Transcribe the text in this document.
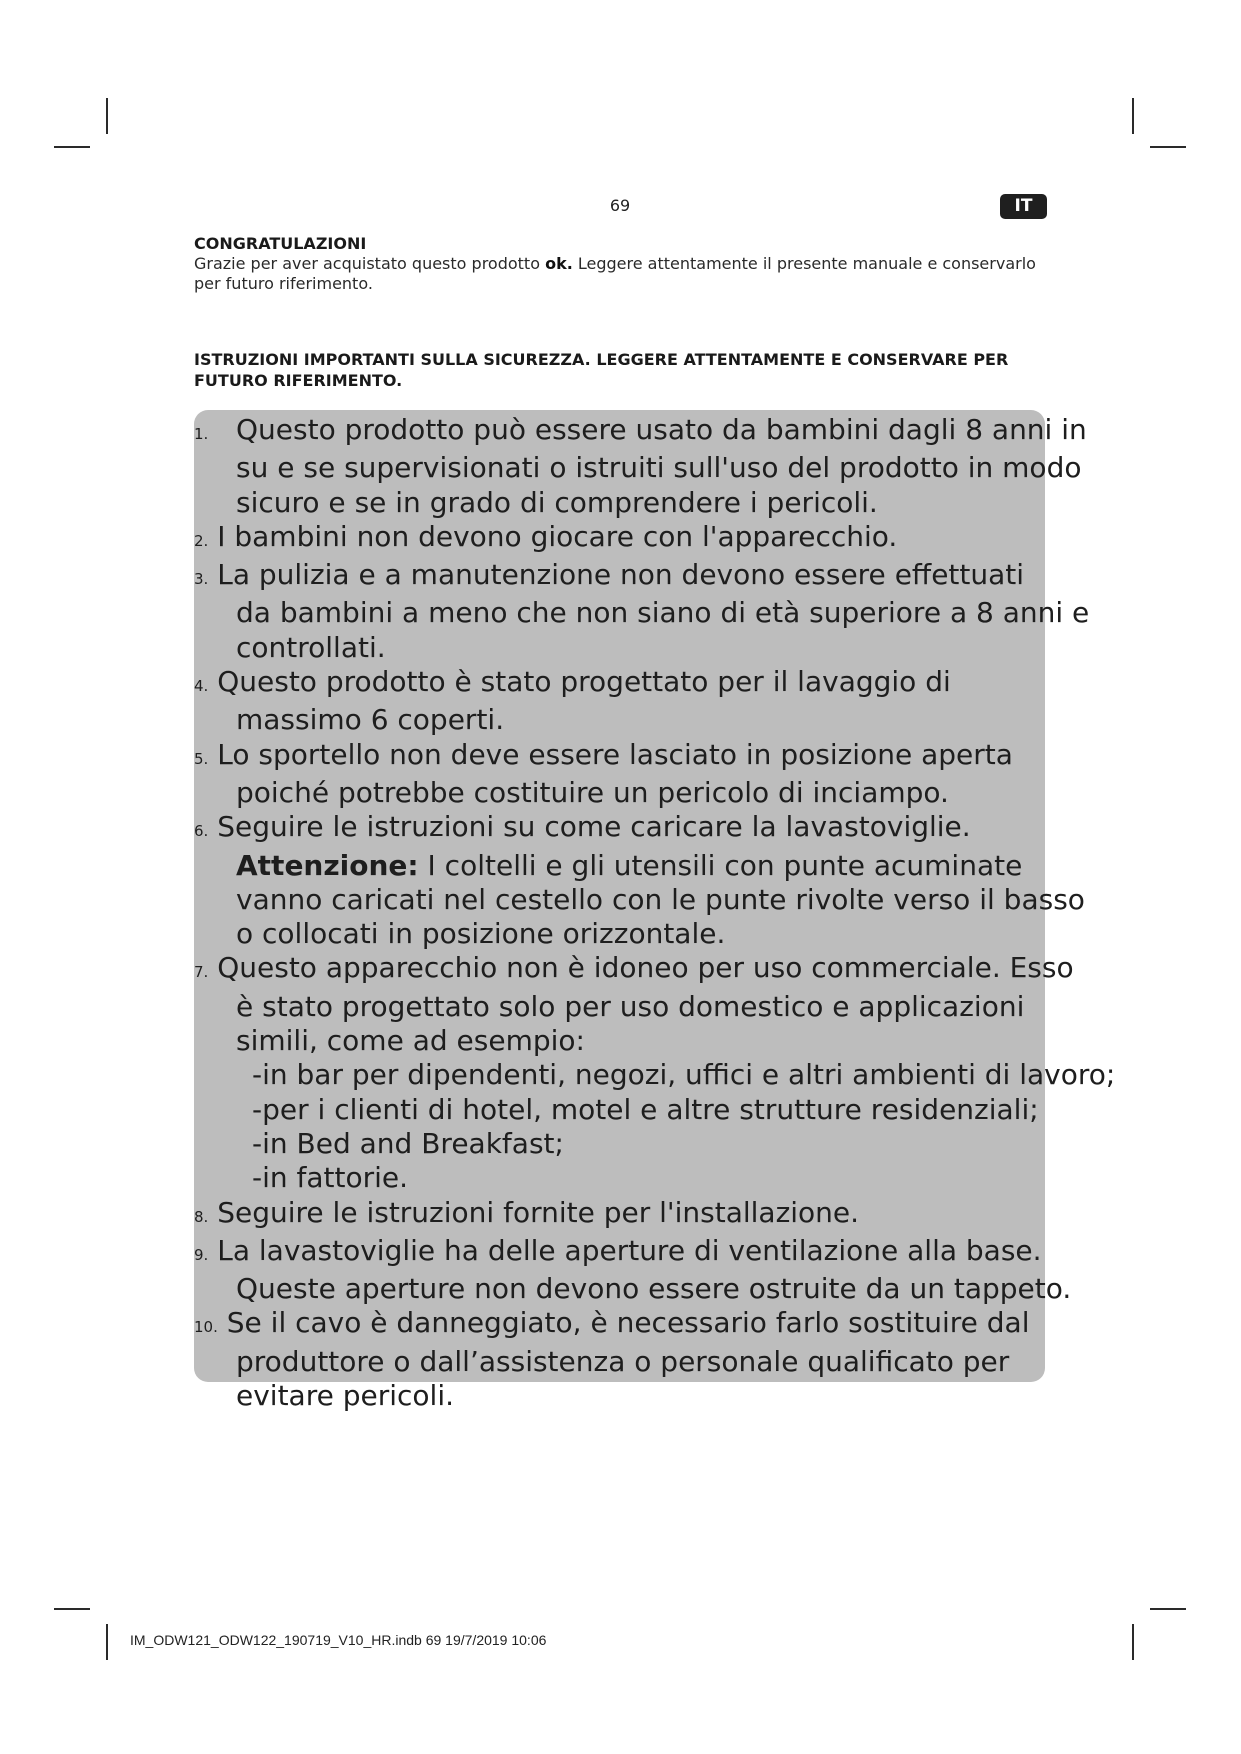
69	IT
CONGRATULAZIONI
Grazie per aver acquistato questo prodotto ok. Leggere attentamente il presente manuale e conservarlo
per futuro riferimento.
ISTRUZIONI IMPORTANTI SULLA SICUREZZA. LEGGERE ATTENTAMENTE E CONSERVARE PER
FUTURO RIFERIMENTO.
1. Questo prodotto può essere usato da bambini dagli 8 anni in
su e se supervisionati o istruiti sull'uso del prodotto in modo
sicuro e se in grado di comprendere i pericoli.
2. I bambini non devono giocare con l'apparecchio.
3. La pulizia e a manutenzione non devono essere effettuati
da bambini a meno che non siano di età superiore a 8 anni e
controllati.
4. Questo prodotto è stato progettato per il lavaggio di
massimo 6 coperti.
5. Lo sportello non deve essere lasciato in posizione aperta
poiché potrebbe costituire un pericolo di inciampo.
6. Seguire le istruzioni su come caricare la lavastoviglie.
Attenzione: I coltelli e gli utensili con punte acuminate
vanno caricati nel cestello con le punte rivolte verso il basso
o collocati in posizione orizzontale.
7. Questo apparecchio non è idoneo per uso commerciale. Esso
è stato progettato solo per uso domestico e applicazioni
simili, come ad esempio:
-in bar per dipendenti, negozi, uffici e altri ambienti di lavoro;
-per i clienti di hotel, motel e altre strutture residenziali;
-in Bed and Breakfast;
-in fattorie.
8. Seguire le istruzioni fornite per l'installazione.
9. La lavastoviglie ha delle aperture di ventilazione alla base.
Queste aperture non devono essere ostruite da un tappeto.
10. Se il cavo è danneggiato, è necessario farlo sostituire dal
produttore o dall’assistenza o personale qualificato per
evitare pericoli.
IM_ODW121_ODW122_190719_V10_HR.indb 69 19/7/2019 10:06
